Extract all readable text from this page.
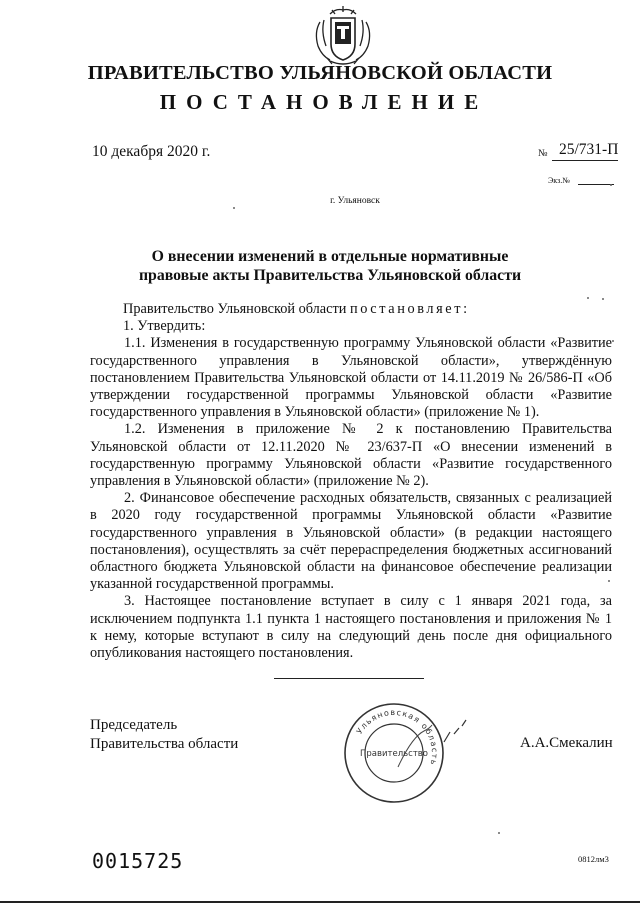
ПРАВИТЕЛЬСТВО УЛЬЯНОВСКОЙ ОБЛАСТИ
ПОСТАНОВЛЕНИЕ
10 декабря 2020 г.	№ 25/731-П
Экз.№
г. Ульяновск
О внесении изменений в отдельные нормативные
правовые акты Правительства Ульяновской области

Правительство Ульяновской области постановляет:

1. Утвердить:

1.1. Изменения в государственную программу Ульяновской области «Развитие государственного управления в Ульяновской области», утверждённую постановлением Правительства Ульяновской области от 14.11.2019 № 26/586-П «Об утверждении государственной программы Ульяновской области «Развитие государственного управления в Ульяновской области» (приложение № 1).

1.2. Изменения в приложение № 2 к постановлению Правительства Ульяновской области от 12.11.2020 № 23/637-П «О внесении изменений в государственную программу Ульяновской области «Развитие государственного управления в Ульяновской области» (приложение № 2).

2. Финансовое обеспечение расходных обязательств, связанных с реализацией в 2020 году государственной программы Ульяновской области «Развитие государственного управления в Ульяновской области» (в редакции настоящего постановления), осуществлять за счёт перераспределения бюджетных ассигнований областного бюджета Ульяновской области на финансовое обеспечение реализации указанной государственной программы.

3. Настоящее постановление вступает в силу с 1 января 2021 года, за исключением подпункта 1.1 пункта 1 настоящего постановления и приложения № 1 к нему, которые вступают в силу на следующий день после дня официального опубликования настоящего постановления.

Председатель
Правительства области	А.А.Смекалин
Ульяновская область
Правительство
0015725	0812лм3
